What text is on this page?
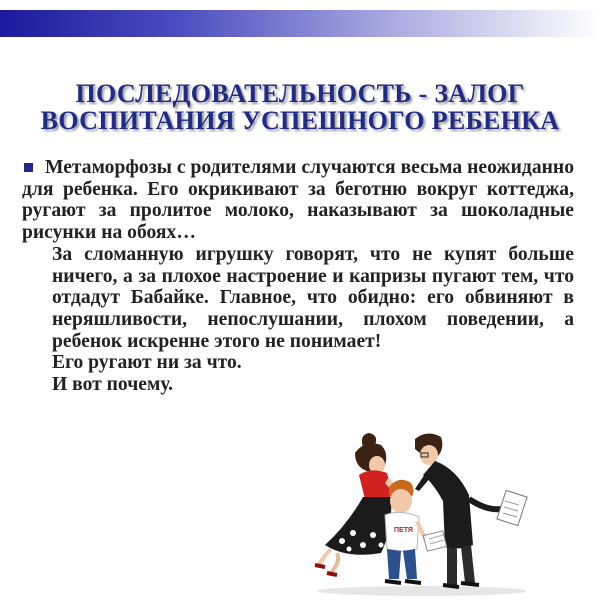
ПОСЛЕДОВАТЕЛЬНОСТЬ - ЗАЛОГ
ВОСПИТАНИЯ УСПЕШНОГО РЕБЕНКА
Метаморфозы с родителями случаются весьма неожиданно для ребенка. Его окрикивают за беготню вокруг коттеджа, ругают за пролитое молоко, наказывают за шоколадные рисунки на обоях…
За сломанную игрушку говорят, что не купят больше ничего, а за плохое настроение и капризы пугают тем, что отдадут Бабайке. Главное, что обидно: его обвиняют в неряшливости, непослушании, плохом поведении, а ребенок искренне этого не понимает!
Его ругают ни за что.
И вот почему.
ПЕТЯ
